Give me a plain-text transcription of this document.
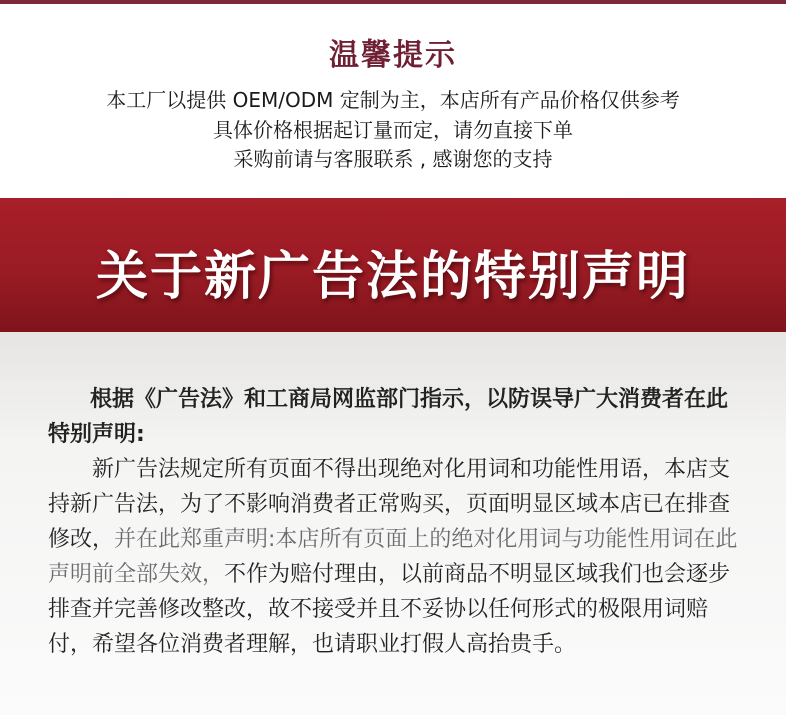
温馨提示
本工厂以提供 OEM/ODM 定制为主，本店所有产品价格仅供参考
具体价格根据起订量而定，请勿直接下单
采购前请与客服联系 , 感谢您的支持
关于新广告法的特别声明
根据《广告法》和工商局网监部门指示，以防误导广大消费者在此特别声明:
新广告法规定所有页面不得出现绝对化用词和功能性用语，本店支持新广告法，为了不影响消费者正常购买，页面明显区域本店已在排查修改，并在此郑重声明:本店所有页面上的绝对化用词与功能性用词在此声明前全部失效，不作为赔付理由，以前商品不明显区域我们也会逐步排查并完善修改整改，故不接受并且不妥协以任何形式的极限用词赔付，希望各位消费者理解，也请职业打假人高抬贵手。
